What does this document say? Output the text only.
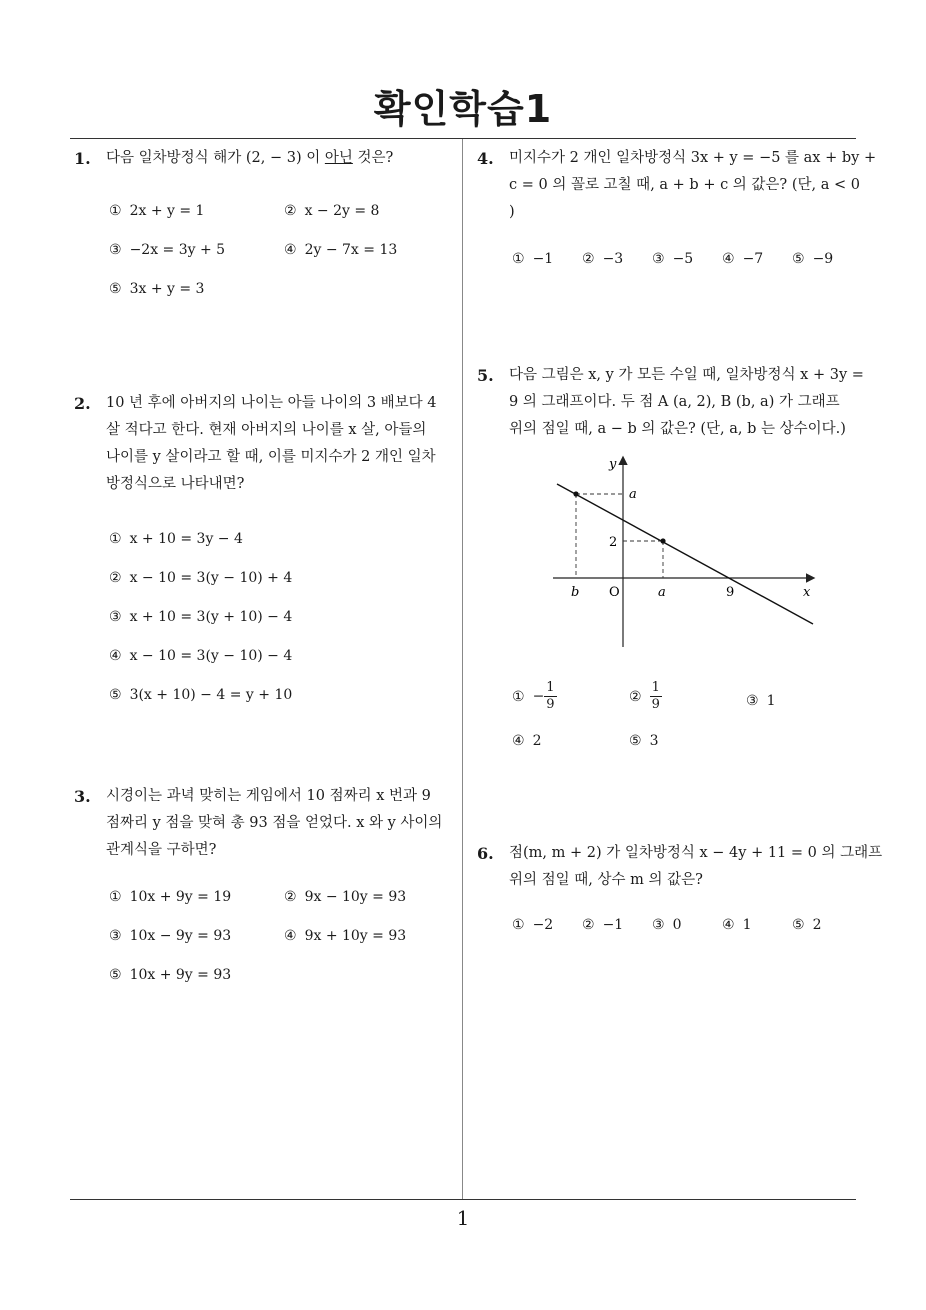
확인학습1
1
1. 다음 일차방정식 해가 (2, − 3) 이 아닌 것은?
① 2x + y = 1	② x − 2y = 8
③ −2x = 3y + 5	④ 2y − 7x = 13
⑤ 3x + y = 3
2. 10 년 후에 아버지의 나이는 아들 나이의 3 배보다 4
살 적다고 한다. 현재 아버지의 나이를 x 살, 아들의
나이를 y 살이라고 할 때, 이를 미지수가 2 개인 일차
방정식으로 나타내면?
① x + 10 = 3y − 4
② x − 10 = 3(y − 10) + 4
③ x + 10 = 3(y + 10) − 4
④ x − 10 = 3(y − 10) − 4
⑤ 3(x + 10) − 4 = y + 10
3. 시경이는 과녁 맞히는 게임에서 10 점짜리 x 번과 9
점짜리 y 점을 맞혀 총 93 점을 얻었다. x 와 y 사이의
관계식을 구하면?
① 10x + 9y = 19	② 9x − 10y = 93
③ 10x − 9y = 93	④ 9x + 10y = 93
⑤ 10x + 9y = 93
4. 미지수가 2 개인 일차방정식 3x + y = −5 를 ax + by +
c = 0 의 꼴로 고칠 때, a + b + c 의 값은? (단, a < 0
)
① −1 ② −3 ③ −5 ④ −7 ⑤ −9
5. 다음 그림은 x, y 가 모든 수일 때, 일차방정식 x + 3y =
9 의 그래프이다. 두 점 A (a, 2), B (b, a) 가 그래프
위의 점일 때, a − b 의 값은? (단, a, b 는 상수이다.)
y
x
O
b	a	9
a
2
① − $\frac{1}{9}$	② $\frac{1}{9}$	③ 1
④ 2	⑤ 3
6. 점(m, m + 2) 가 일차방정식 x − 4y + 11 = 0 의 그래프
위의 점일 때, 상수 m 의 값은?
① −2 ② −1 ③ 0	④ 1	⑤ 2
